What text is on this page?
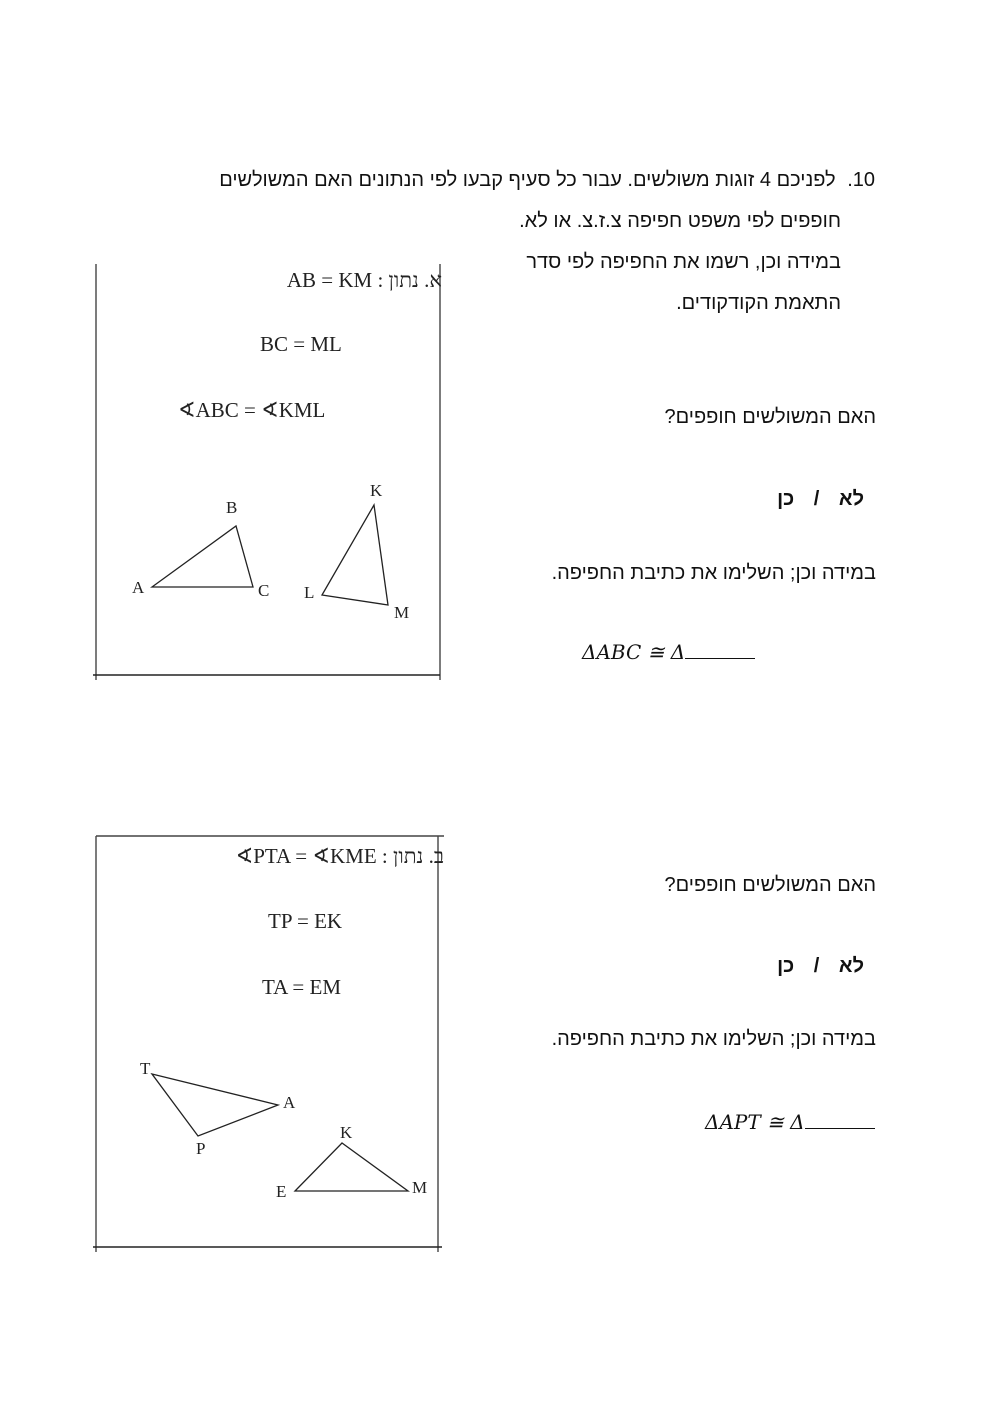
10. לפניכם 4 זוגות משולשים. עבור כל סעיף קבעו לפי הנתונים האם המשולשים
חופפים לפי משפט חפיפה צ.ז.צ. או לא.
במידה וכן, רשמו את החפיפה לפי סדר
התאמת הקודקודים.
האם המשולשים חופפים?
כן / לא
במידה וכן; השלימו את כתיבת החפיפה.
ΔABC ≅ Δ
A
B
C
K
L
M
א. נתון : AB = KM
BC = ML
∢ABC = ∢KML
האם המשולשים חופפים?
כן / לא
במידה וכן; השלימו את כתיבת החפיפה.
ΔAPT ≅ Δ
T
A
P
K
E	M
ב. נתון : ∢PTA = ∢KME
TP = EK
TA = EM
